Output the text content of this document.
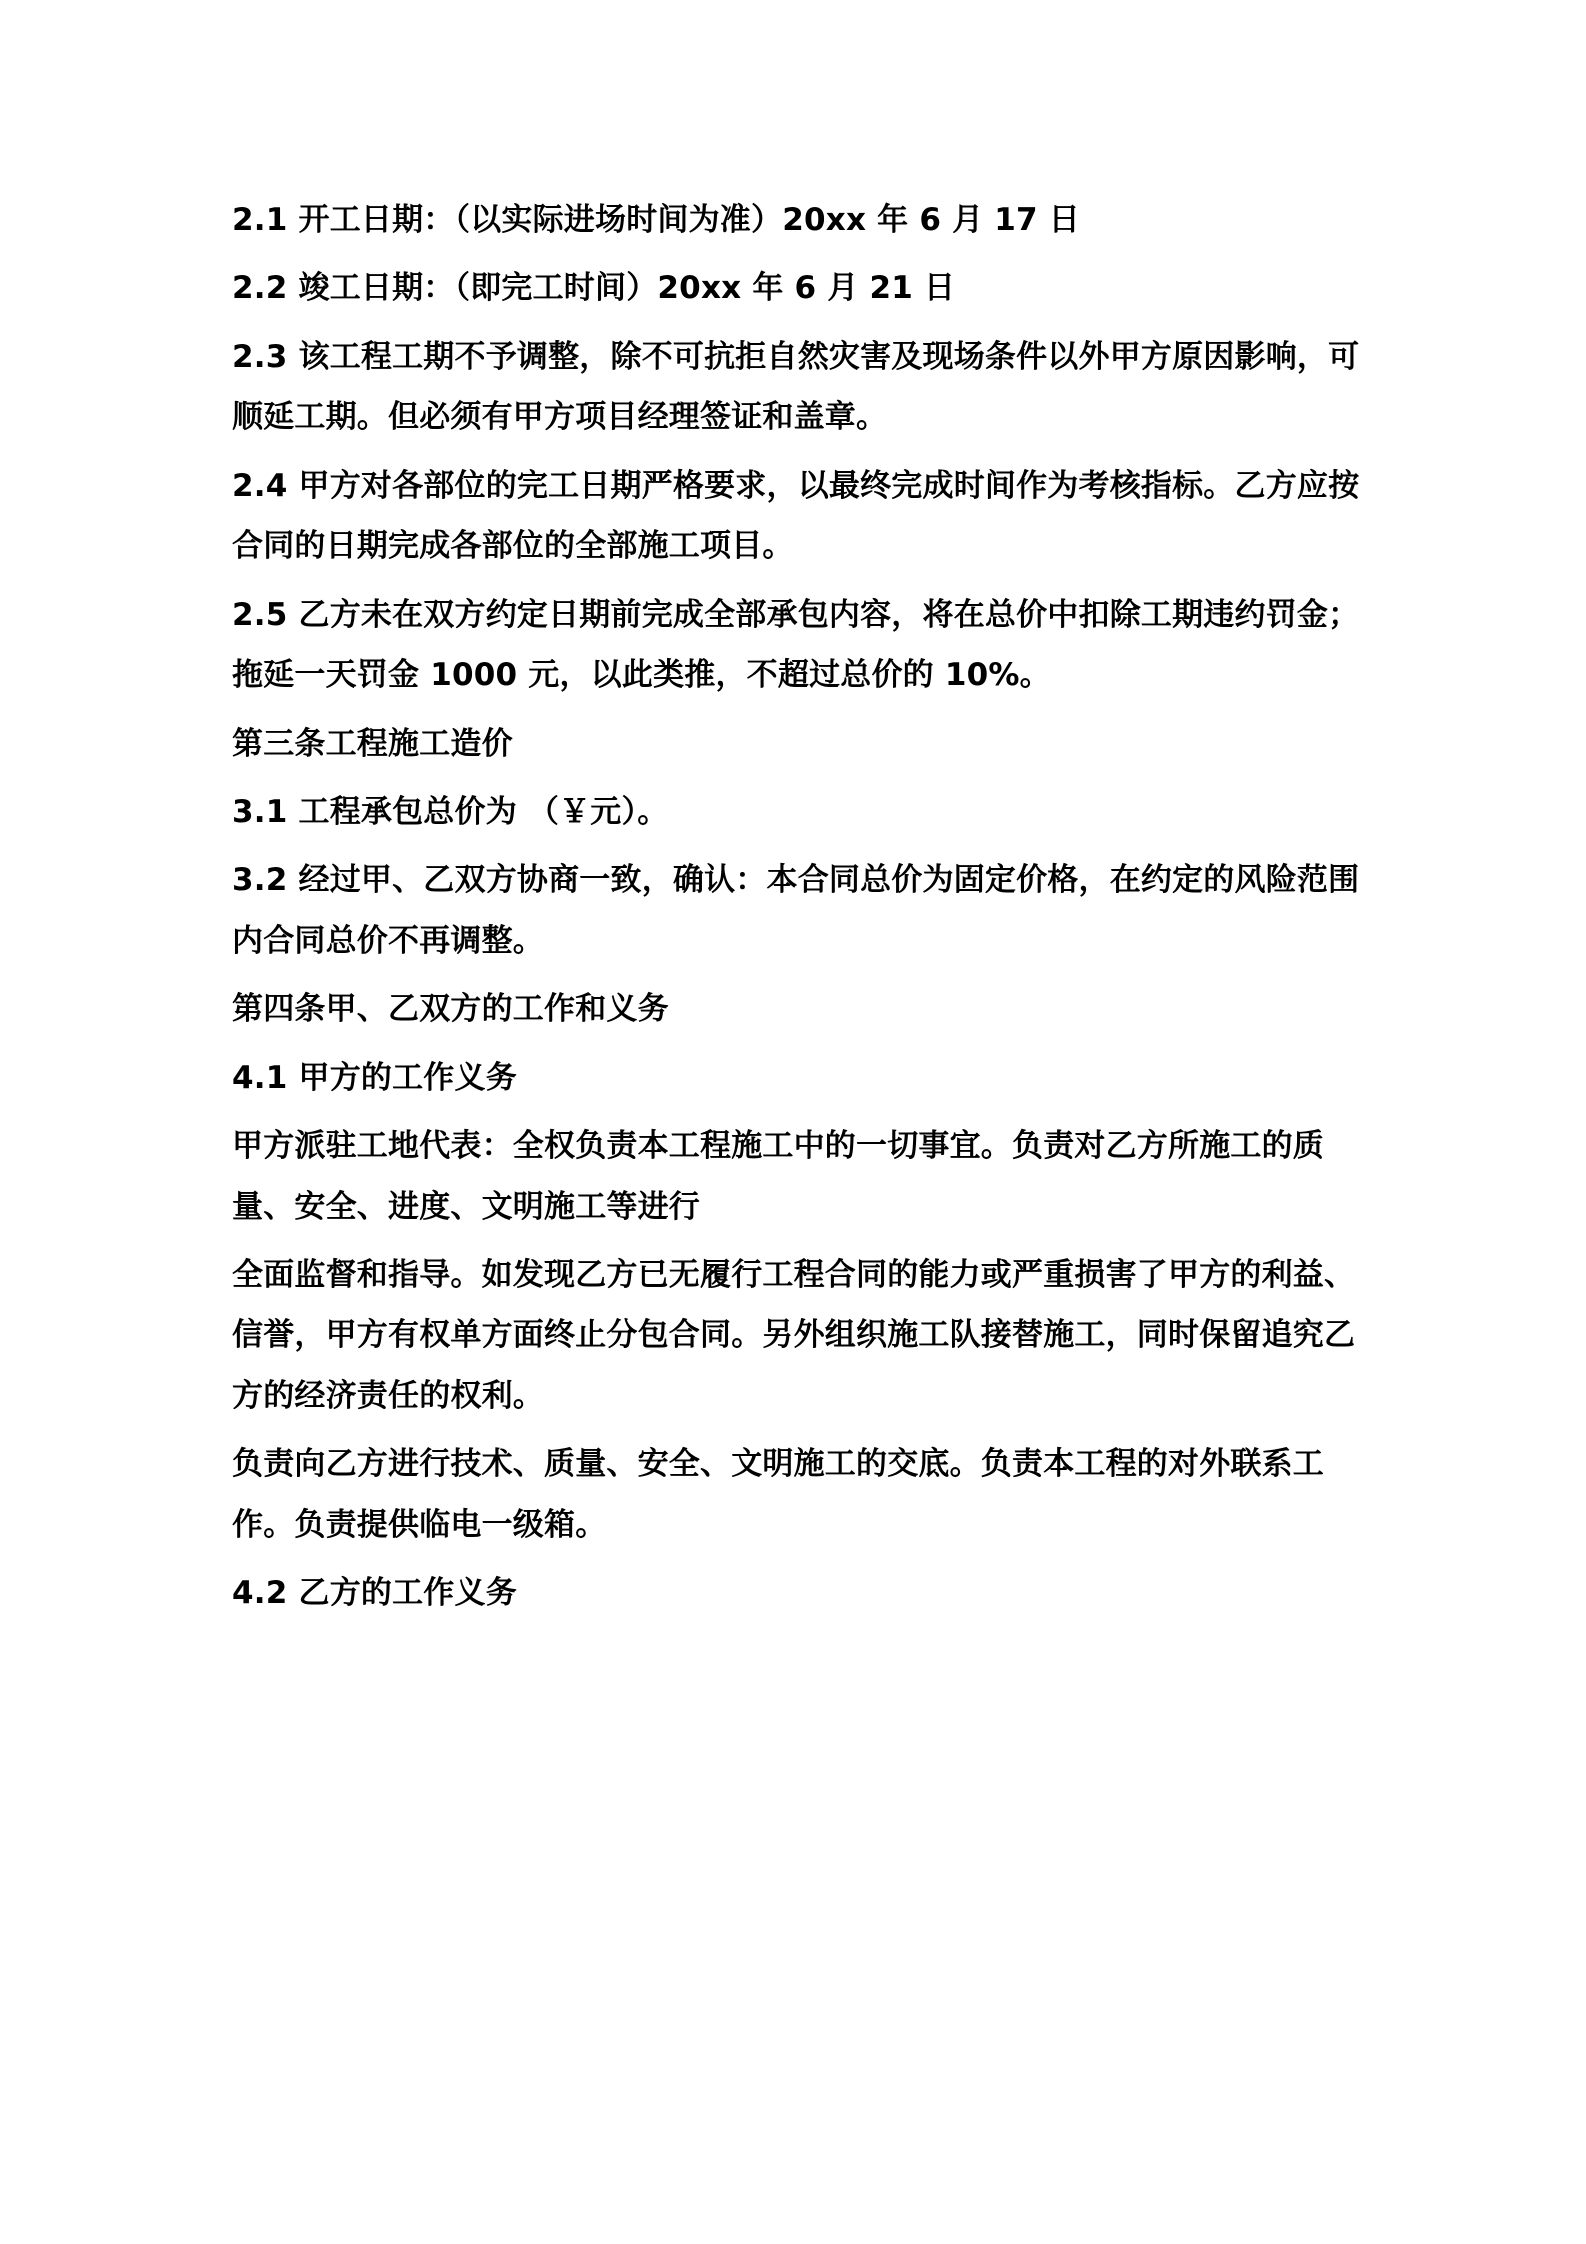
2.1 开工日期：（以实际进场时间为准）20xx 年 6 月 17 日

2.2 竣工日期：（即完工时间）20xx 年 6 月 21 日

2.3 该工程工期不予调整，除不可抗拒自然灾害及现场条件以外甲方原因影响，可顺延工期。但必须有甲方项目经理签证和盖章。

2.4 甲方对各部位的完工日期严格要求，以最终完成时间作为考核指标。乙方应按合同的日期完成各部位的全部施工项目。

2.5 乙方未在双方约定日期前完成全部承包内容，将在总价中扣除工期违约罚金；拖延一天罚金 1000 元，以此类推，不超过总价的 10%。

第三条工程施工造价

3.1 工程承包总价为 （￥元）。

3.2 经过甲、乙双方协商一致，确认：本合同总价为固定价格，在约定的风险范围内合同总价不再调整。

第四条甲、乙双方的工作和义务

4.1 甲方的工作义务

甲方派驻工地代表：全权负责本工程施工中的一切事宜。负责对乙方所施工的质量、安全、进度、文明施工等进行

全面监督和指导。如发现乙方已无履行工程合同的能力或严重损害了甲方的利益、信誉，甲方有权单方面终止分包合同。另外组织施工队接替施工，同时保留追究乙方的经济责任的权利。

负责向乙方进行技术、质量、安全、文明施工的交底。负责本工程的对外联系工作。负责提供临电一级箱。

4.2 乙方的工作义务
